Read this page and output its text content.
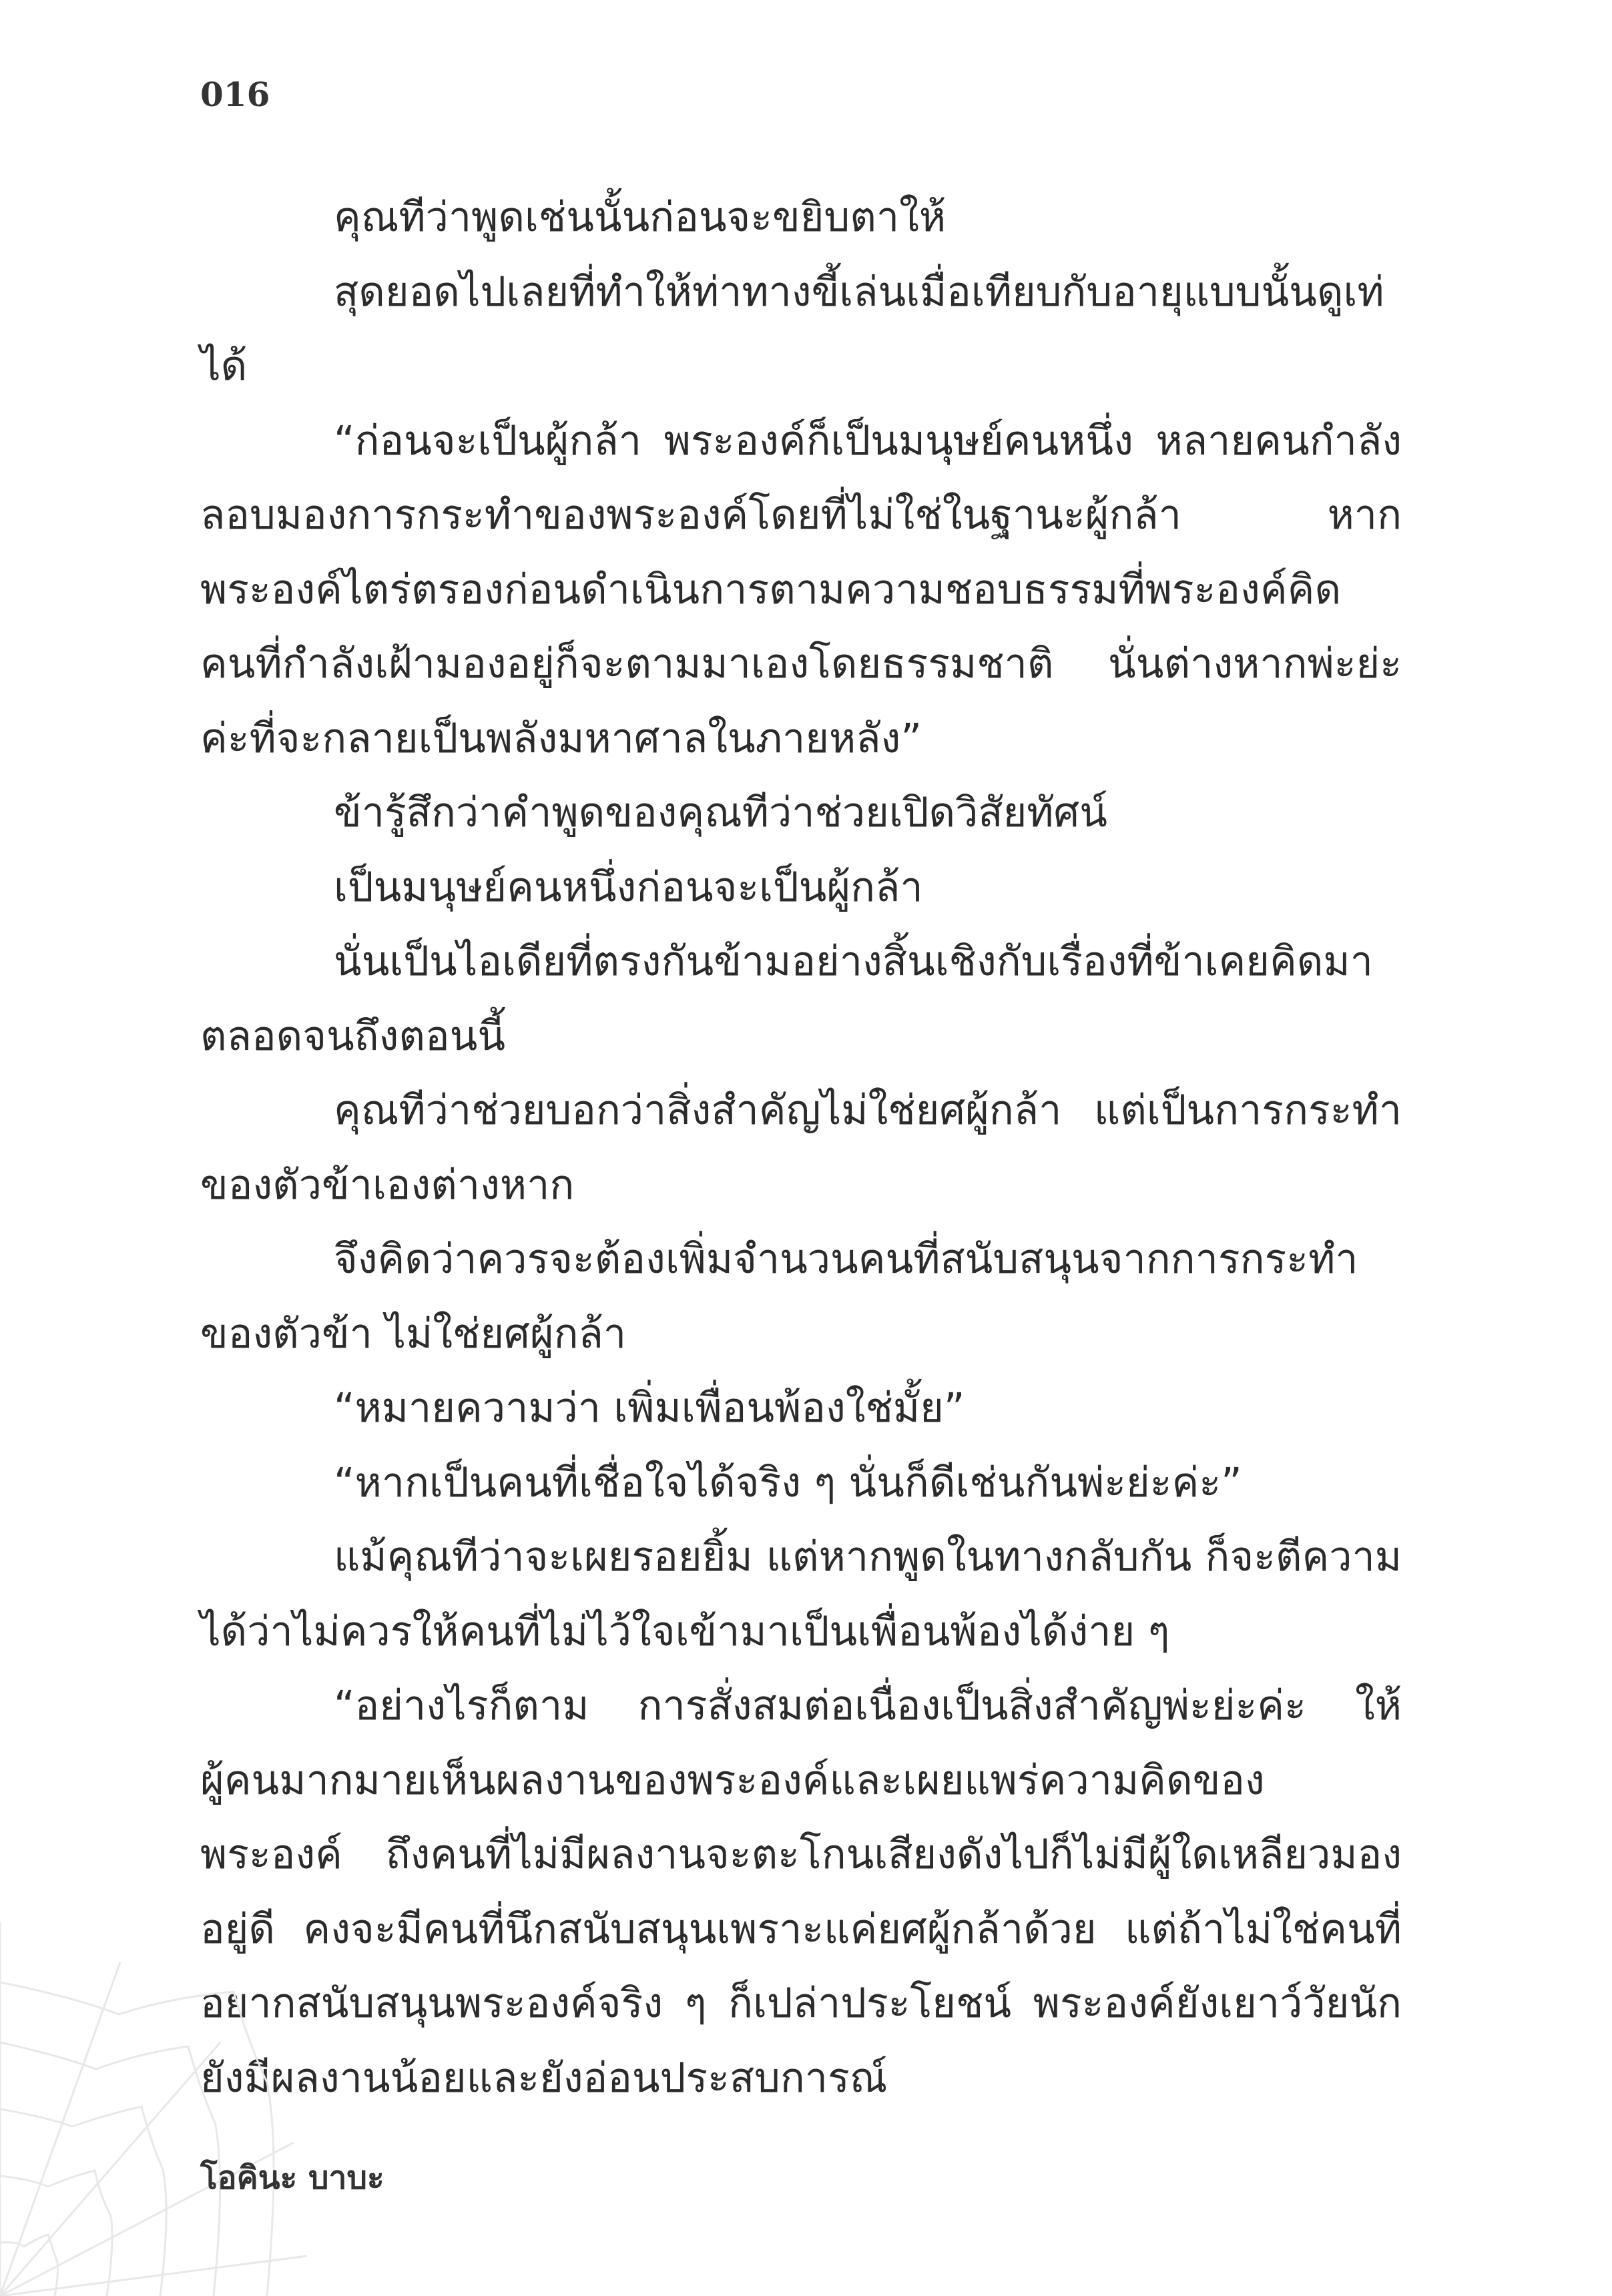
016

คุณทีว่าพูดเช่นนั้นก่อนจะขยิบตาให้

สุดยอดไปเลยที่ทำให้ท่าทางขี้เล่นเมื่อเทียบกับอายุแบบนั้นดูเท่ได้

“ก่อนจะเป็นผู้กล้า พระองค์ก็เป็นมนุษย์คนหนึ่ง หลายคนกำลังลอบมองการกระทำของพระองค์โดยที่ไม่ใช่ในฐานะผู้กล้า หากพระองค์ไตร่ตรองก่อนดำเนินการตามความชอบธรรมที่พระองค์คิด คนที่กำลังเฝ้ามองอยู่ก็จะตามมาเองโดยธรรมชาติ นั่นต่างหากพ่ะย่ะค่ะที่จะกลายเป็นพลังมหาศาลในภายหลัง”

ข้ารู้สึกว่าคำพูดของคุณทีว่าช่วยเปิดวิสัยทัศน์

เป็นมนุษย์คนหนึ่งก่อนจะเป็นผู้กล้า

นั่นเป็นไอเดียที่ตรงกันข้ามอย่างสิ้นเชิงกับเรื่องที่ข้าเคยคิดมาตลอดจนถึงตอนนี้

คุณทีว่าช่วยบอกว่าสิ่งสำคัญไม่ใช่ยศผู้กล้า แต่เป็นการกระทำของตัวข้าเองต่างหาก

จึงคิดว่าควรจะต้องเพิ่มจำนวนคนที่สนับสนุนจากการกระทำของตัวข้า ไม่ใช่ยศผู้กล้า

“หมายความว่า เพิ่มเพื่อนพ้องใช่มั้ย”

“หากเป็นคนที่เชื่อใจได้จริง ๆ นั่นก็ดีเช่นกันพ่ะย่ะค่ะ”

แม้คุณทีว่าจะเผยรอยยิ้ม แต่หากพูดในทางกลับกัน ก็จะตีความได้ว่าไม่ควรให้คนที่ไม่ไว้ใจเข้ามาเป็นเพื่อนพ้องได้ง่าย ๆ

“อย่างไรก็ตาม การสั่งสมต่อเนื่องเป็นสิ่งสำคัญพ่ะย่ะค่ะ ให้ผู้คนมากมายเห็นผลงานของพระองค์และเผยแพร่ความคิดของพระองค์ ถึงคนที่ไม่มีผลงานจะตะโกนเสียงดังไปก็ไม่มีผู้ใดเหลียวมองอยู่ดี คงจะมีคนที่นึกสนับสนุนเพราะแค่ยศผู้กล้าด้วย แต่ถ้าไม่ใช่คนที่อยากสนับสนุนพระองค์จริง ๆ ก็เปล่าประโยชน์ พระองค์ยังเยาว์วัยนัก ยังมีผลงานน้อยและยังอ่อนประสบการณ์

โอคินะ บาบะ
